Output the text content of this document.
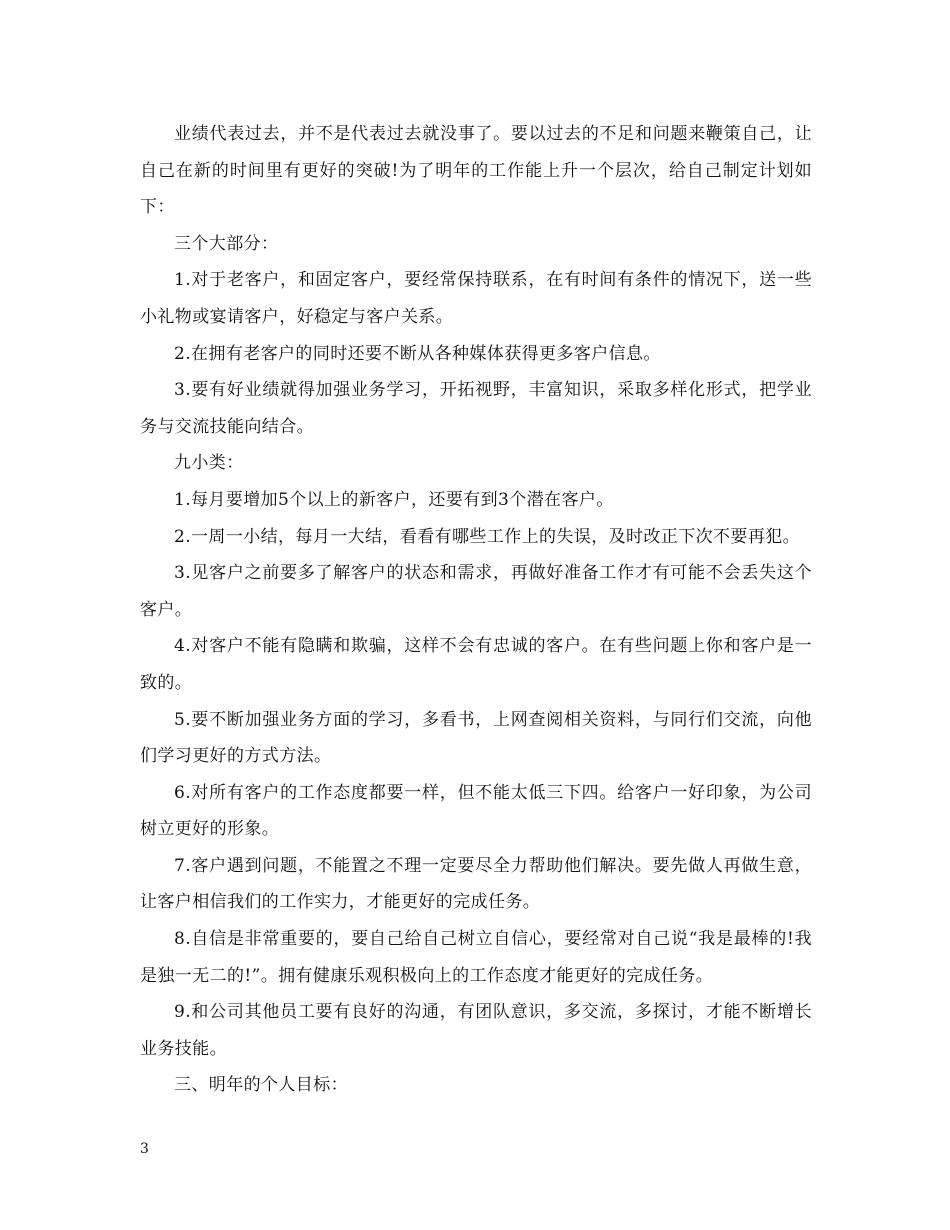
业绩代表过去，并不是代表过去就没事了。要以过去的不足和问题来鞭策自己，让自己在新的时间里有更好的突破!为了明年的工作能上升一个层次，给自己制定计划如下：

三个大部分：

1.对于老客户，和固定客户，要经常保持联系，在有时间有条件的情况下，送一些小礼物或宴请客户，好稳定与客户关系。

2.在拥有老客户的同时还要不断从各种媒体获得更多客户信息。

3.要有好业绩就得加强业务学习，开拓视野，丰富知识，采取多样化形式，把学业务与交流技能向结合。

九小类：

1.每月要增加5个以上的新客户，还要有到3个潜在客户。

2.一周一小结，每月一大结，看看有哪些工作上的失误，及时改正下次不要再犯。

3.见客户之前要多了解客户的状态和需求，再做好准备工作才有可能不会丢失这个客户。

4.对客户不能有隐瞒和欺骗，这样不会有忠诚的客户。在有些问题上你和客户是一致的。

5.要不断加强业务方面的学习，多看书，上网查阅相关资料，与同行们交流，向他们学习更好的方式方法。

6.对所有客户的工作态度都要一样，但不能太低三下四。给客户一好印象，为公司树立更好的形象。

7.客户遇到问题，不能置之不理一定要尽全力帮助他们解决。要先做人再做生意，让客户相信我们的工作实力，才能更好的完成任务。

8.自信是非常重要的，要自己给自己树立自信心，要经常对自己说“我是最棒的!我是独一无二的!”。拥有健康乐观积极向上的工作态度才能更好的完成任务。

9.和公司其他员工要有良好的沟通，有团队意识，多交流，多探讨，才能不断增长业务技能。

三、明年的个人目标：

3
